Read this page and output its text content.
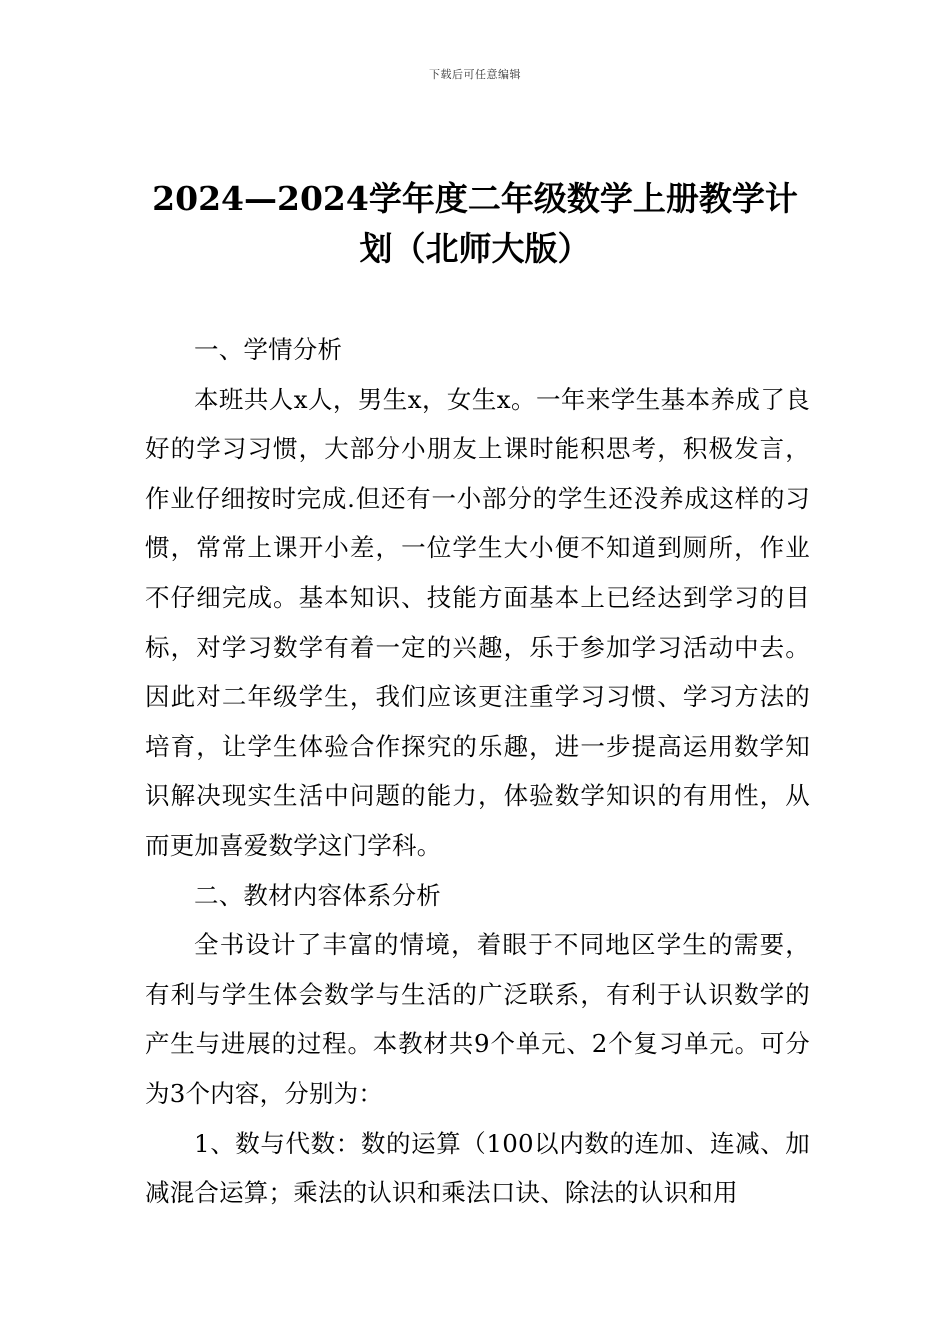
下载后可任意编辑
2024—2024学年度二年级数学上册教学计
划（北师大版）

一、学情分析

本班共人x人，男生x，女生x。一年来学生基本养成了良好的学习习惯，大部分小朋友上课时能积思考，积极发言，作业仔细按时完成.但还有一小部分的学生还没养成这样的习惯，常常上课开小差，一位学生大小便不知道到厕所，作业不仔细完成。基本知识、技能方面基本上已经达到学习的目标，对学习数学有着一定的兴趣，乐于参加学习活动中去。因此对二年级学生，我们应该更注重学习习惯、学习方法的培育，让学生体验合作探究的乐趣，进一步提高运用数学知识解决现实生活中问题的能力，体验数学知识的有用性，从而更加喜爱数学这门学科。

二、教材内容体系分析

全书设计了丰富的情境，着眼于不同地区学生的需要，有利与学生体会数学与生活的广泛联系，有利于认识数学的产生与进展的过程。本教材共9个单元、2个复习单元。可分为3个内容，分别为：

1、数与代数：数的运算（100以内数的连加、连减、加减混合运算；乘法的认识和乘法口诀、除法的认识和用
